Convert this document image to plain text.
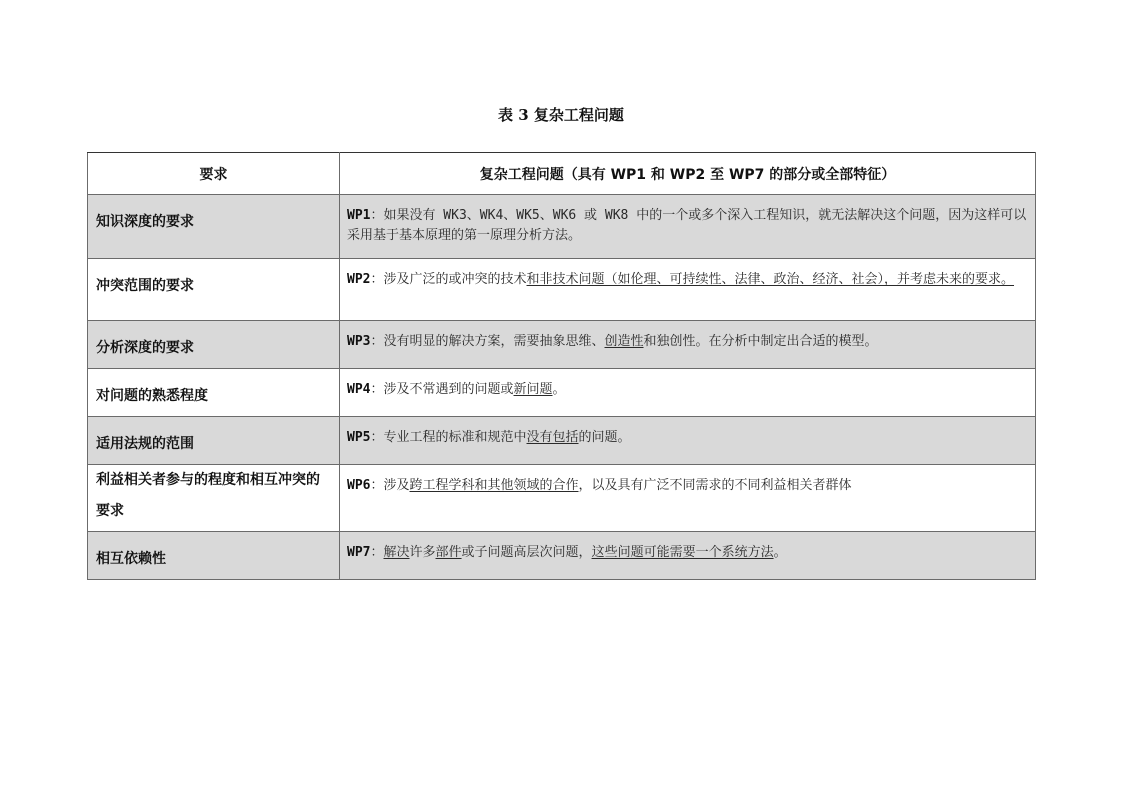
表 3 复杂工程问题
要求	复杂工程问题（具有 WP1 和 WP2 至 WP7 的部分或全部特征）
知识深度的要求	WP1：如果没有 WK3、WK4、WK5、WK6 或 WK8 中的一个或多个深入工程知识，就无法解决这个问题，因为这样可以采用基于基本原理的第一原理分析方法。
冲突范围的要求	WP2：涉及广泛的或冲突的技术和非技术问题（如伦理、可持续性、法律、政治、经济、社会），并考虑未来的要求。
分析深度的要求	WP3：没有明显的解决方案，需要抽象思维、创造性和独创性。在分析中制定出合适的模型。
对问题的熟悉程度	WP4：涉及不常遇到的问题或新问题。
适用法规的范围	WP5：专业工程的标准和规范中没有包括的问题。
利益相关者参与的程度和相互冲突的要求	WP6：涉及跨工程学科和其他领域的合作，以及具有广泛不同需求的不同利益相关者群体
相互依赖性	WP7：解决许多部件或子问题高层次问题，这些问题可能需要一个系统方法。
